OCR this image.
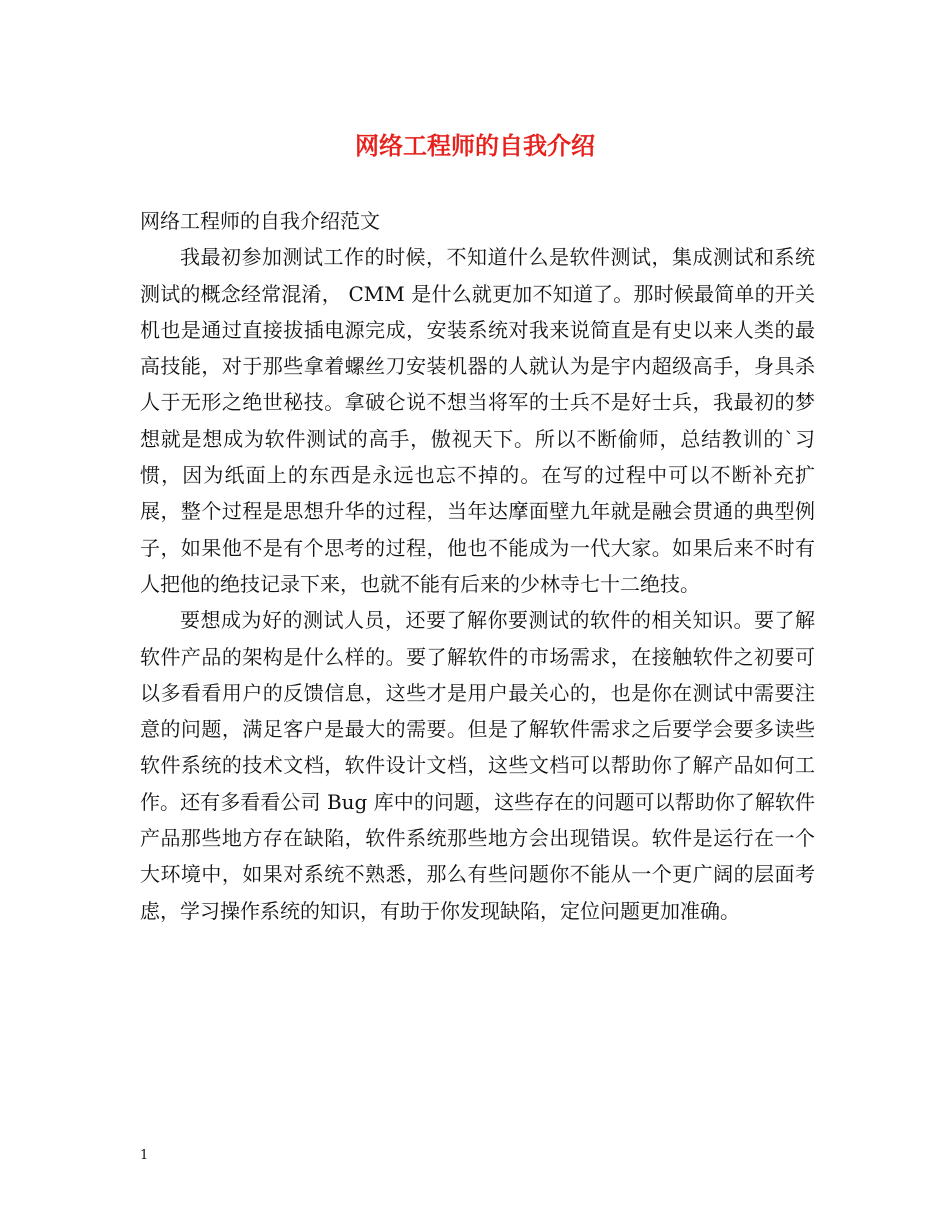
网络工程师的自我介绍

网络工程师的自我介绍范文

我最初参加测试工作的时候，不知道什么是软件测试，集成测试和系统测试的概念经常混淆， CMM 是什么就更加不知道了。那时候最简单的开关机也是通过直接拔插电源完成，安装系统对我来说简直是有史以来人类的最高技能，对于那些拿着螺丝刀安装机器的人就认为是宇内超级高手，身具杀人于无形之绝世秘技。拿破仑说不想当将军的士兵不是好士兵，我最初的梦想就是想成为软件测试的高手，傲视天下。所以不断偷师，总结教训的`习惯，因为纸面上的东西是永远也忘不掉的。在写的过程中可以不断补充扩展，整个过程是思想升华的过程，当年达摩面壁九年就是融会贯通的典型例子，如果他不是有个思考的过程，他也不能成为一代大家。如果后来不时有人把他的绝技记录下来，也就不能有后来的少林寺七十二绝技。

要想成为好的测试人员，还要了解你要测试的软件的相关知识。要了解软件产品的架构是什么样的。要了解软件的市场需求，在接触软件之初要可以多看看用户的反馈信息，这些才是用户最关心的，也是你在测试中需要注意的问题，满足客户是最大的需要。但是了解软件需求之后要学会要多读些软件系统的技术文档，软件设计文档，这些文档可以帮助你了解产品如何工作。还有多看看公司 Bug 库中的问题，这些存在的问题可以帮助你了解软件产品那些地方存在缺陷，软件系统那些地方会出现错误。软件是运行在一个大环境中，如果对系统不熟悉，那么有些问题你不能从一个更广阔的层面考虑，学习操作系统的知识，有助于你发现缺陷，定位问题更加准确。

1
